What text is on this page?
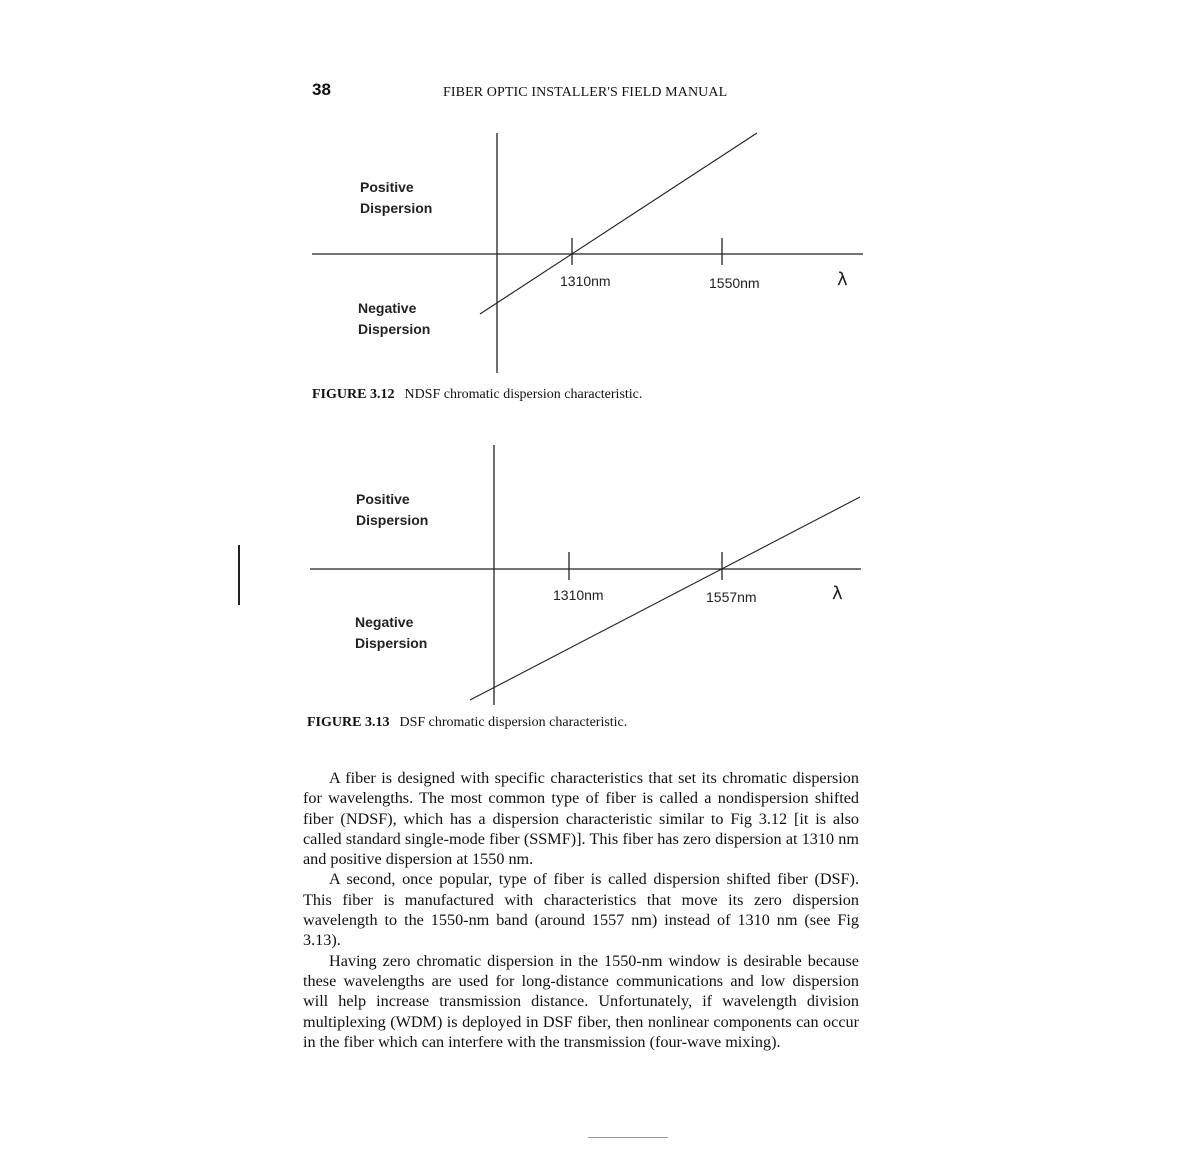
38	FIBER OPTIC INSTALLER'S FIELD MANUAL
Positive
Dispersion
Negative
Dispersion
1310nm	1550nm	λ
FIGURE 3.12 NDSF chromatic dispersion characteristic.
Positive
Dispersion
Negative
Dispersion
1310nm	1557nm	λ
FIGURE 3.13 DSF chromatic dispersion characteristic.

A fiber is designed with specific characteristics that set its chromatic dispersion for wavelengths. The most common type of fiber is called a nondispersion shifted fiber (NDSF), which has a dispersion characteristic similar to Fig 3.12 [it is also called standard single-mode fiber (SSMF)]. This fiber has zero dispersion at 1310 nm and positive dispersion at 1550 nm.

A second, once popular, type of fiber is called dispersion shifted fiber (DSF). This fiber is manufactured with characteristics that move its zero dispersion wavelength to the 1550-nm band (around 1557 nm) instead of 1310 nm (see Fig 3.13).

Having zero chromatic dispersion in the 1550-nm window is desirable because these wavelengths are used for long-distance communications and low dispersion will help increase transmission distance. Unfortunately, if wavelength division multiplexing (WDM) is deployed in DSF fiber, then nonlinear components can occur in the fiber which can interfere with the transmission (four-wave mixing).
